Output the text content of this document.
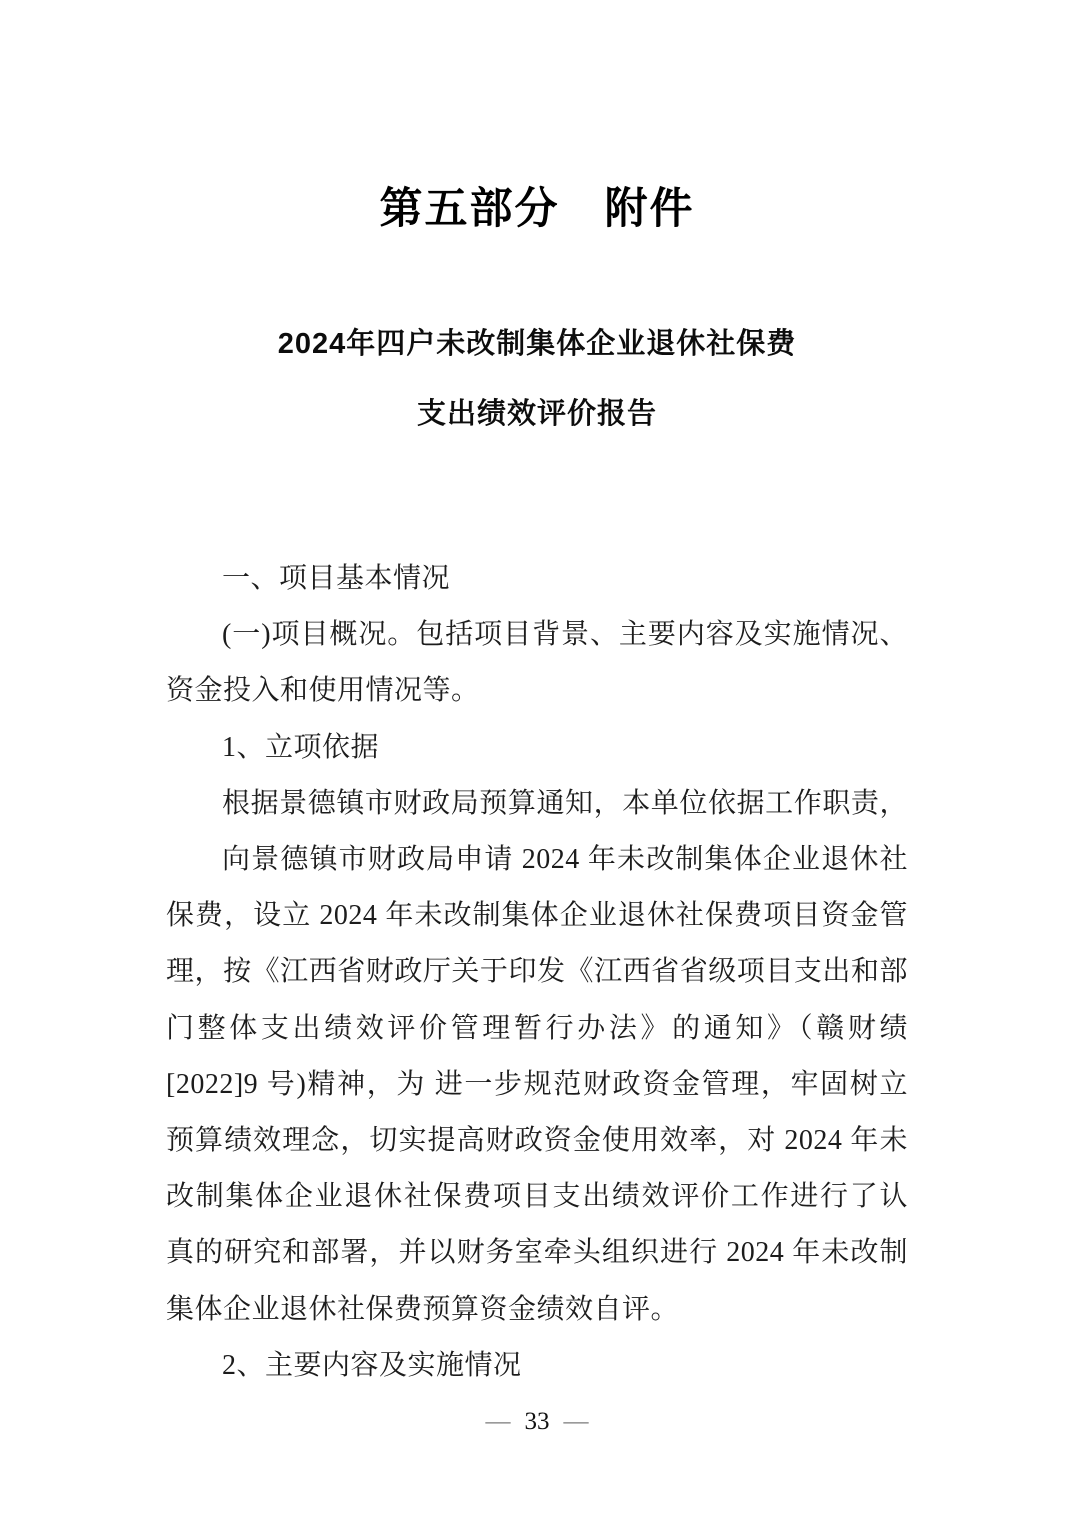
第五部分　附件
2024年四户未改制集体企业退休社保费
支出绩效评价报告
一、项目基本情况
(一)项目概况。包括项目背景、主要内容及实施情况、
资金投入和使用情况等。
1、立项依据
根据景德镇市财政局预算通知，本单位依据工作职责，
向景德镇市财政局申请 2024 年未改制集体企业退休社
保费，设立 2024 年未改制集体企业退休社保费项目资金管
理，按《江西省财政厅关于印发《江西省省级项目支出和部
门整体支出绩效评价管理暂行办法》的通知》（赣财绩
[2022]9 号)精神，为 进一步规范财政资金管理，牢固树立
预算绩效理念，切实提高财政资金使用效率，对 2024 年未
改制集体企业退休社保费项目支出绩效评价工作进行了认
真的研究和部署，并以财务室牵头组织进行 2024 年未改制
集体企业退休社保费预算资金绩效自评。
2、主要内容及实施情况
— 33 —
